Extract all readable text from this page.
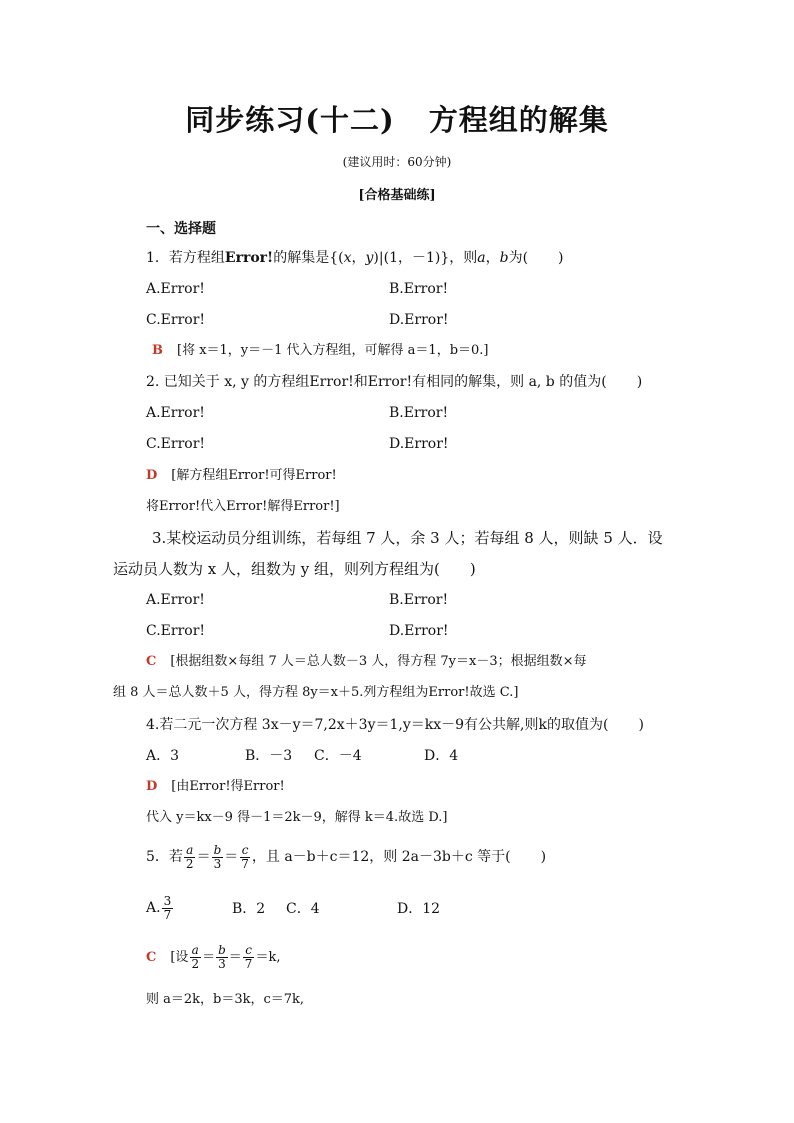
同步练习(十二) 方程组的解集
(建议用时：60分钟)
[合格基础练]
一、选择题
1．若方程组Error!的解集是{(x，y)|(1，－1)}，则a，b为( )
A.Error!	B.Error!
C.Error!	D.Error!
B [将 x＝1，y＝－1 代入方程组，可解得 a＝1，b＝0.]
2. 已知关于 x, y 的方程组Error!和Error!有相同的解集，则 a, b 的值为( )
A.Error!	B.Error!
C.Error!	D.Error!
D [解方程组Error!可得Error!
将Error!代入Error!解得Error!]
3.某校运动员分组训练，若每组 7 人，余 3 人；若每组 8 人，则缺 5 人．设
运动员人数为 x 人，组数为 y 组，则列方程组为( )
A.Error!	B.Error!
C.Error!	D.Error!
C [根据组数×每组 7 人＝总人数－3 人，得方程 7y＝x－3；根据组数×每
组 8 人＝总人数＋5 人，得方程 8y＝x＋5.列方程组为Error!故选 C.]
4.若二元一次方程 3x－y＝7,2x＋3y＝1,y＝kx－9有公共解,则k的取值为( )
A．3	B．－3 C．－4	D．4
D [由Error!得Error!
代入 y＝kx－9 得－1＝2k－9，解得 k＝4.故选 D.]
5．若 $\frac{a}{2} = \frac{b}{3} = \frac{c}{7}$ ，且 a－b＋c＝12，则 2a－3b＋c 等于( )
A. $\frac{3}{7}$	B．2 C．4	D．12
C [设 $\frac{a}{2} = \frac{b}{3} = \frac{c}{7} =k$,
则 a＝2k，b＝3k，c＝7k,
